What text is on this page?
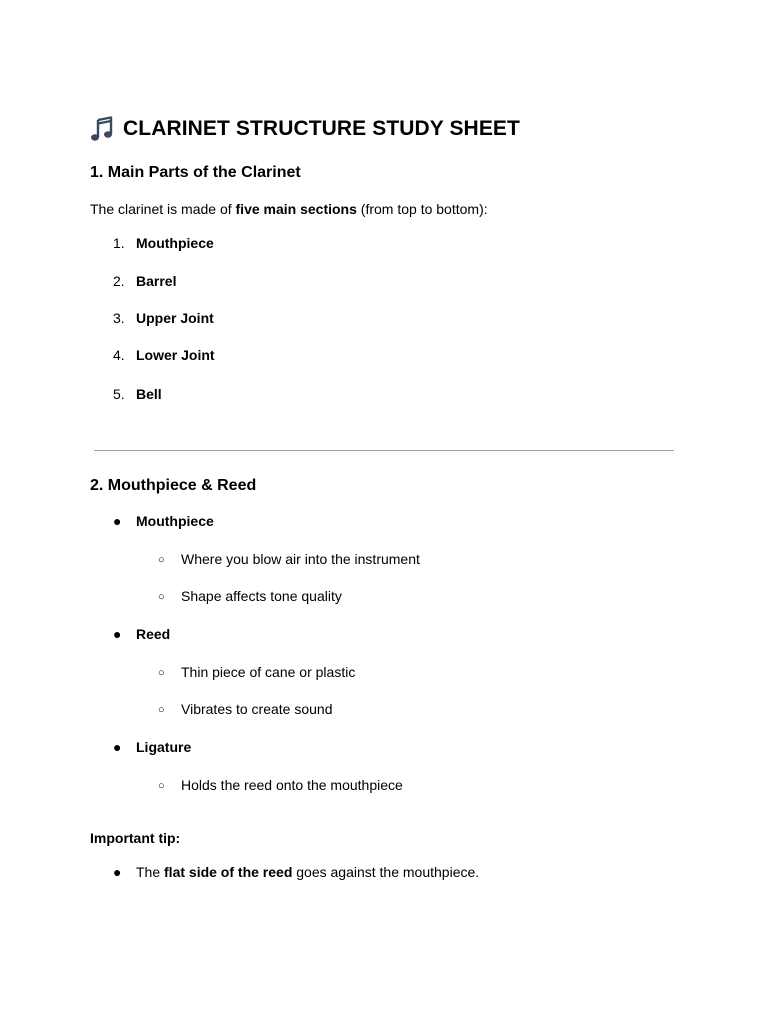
CLARINET STRUCTURE STUDY SHEET
1. Main Parts of the Clarinet

The clarinet is made of five main sections (from top to bottom):

1. Mouthpiece
2. Barrel
3. Upper Joint
4. Lower Joint
5. Bell
2. Mouthpiece & Reed
● Mouthpiece
○ Where you blow air into the instrument
○ Shape affects tone quality
● Reed
○ Thin piece of cane or plastic
○ Vibrates to create sound
● Ligature
○ Holds the reed onto the mouthpiece

Important tip:

● The flat side of the reed goes against the mouthpiece.
